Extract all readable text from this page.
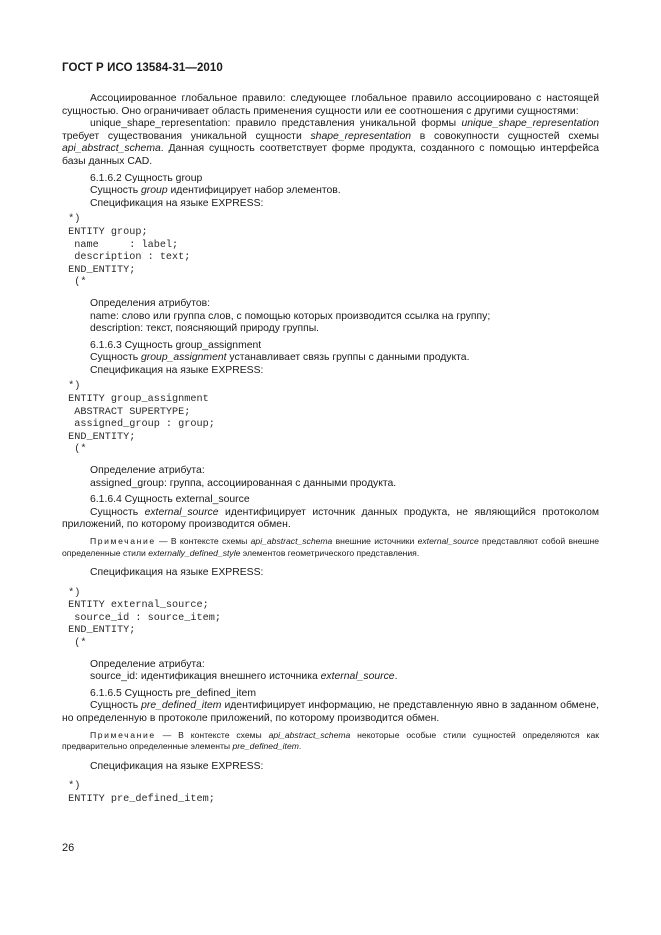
ГОСТ Р ИСО 13584-31—2010

Ассоциированное глобальное правило: следующее глобальное правило ассоциировано с настоящей сущностью. Оно ограничивает область применения сущности или ее соотношения с другими сущностями:

unique_shape_representation: правило представления уникальной формы unique_shape_representation требует существования уникальной сущности shape_representation в совокупности сущностей схемы api_abstract_schema. Данная сущность соответствует форме продукта, созданного с помощью интерфейса базы данных CAD.

6.1.6.2 Сущность group

Сущность group идентифицирует набор элементов.

Спецификация на языке EXPRESS:

*)
ENTITY group;
name     : label;
description : text;
END_ENTITY;
(*

Определения атрибутов:

name: слово или группа слов, с помощью которых производится ссылка на группу;

description: текст, поясняющий природу группы.

6.1.6.3 Сущность group_assignment

Сущность group_assignment устанавливает связь группы с данными продукта.

Спецификация на языке EXPRESS:

*)
ENTITY group_assignment
ABSTRACT SUPERTYPE;
assigned_group : group;
END_ENTITY;
(*

Определение атрибута:

assigned_group: группа, ассоциированная с данными продукта.

6.1.6.4 Сущность external_source

Сущность external_source идентифицирует источник данных продукта, не являющийся протоколом приложений, по которому производится обмен.

Примечание — В контексте схемы api_abstract_schema внешние источники external_source представляют собой внешне определенные стили externally_defined_style элементов геометрического представления.

Спецификация на языке EXPRESS:

*)
ENTITY external_source;
source_id : source_item;
END_ENTITY;
(*

Определение атрибута:

source_id: идентификация внешнего источника external_source.

6.1.6.5 Сущность pre_defined_item

Сущность pre_defined_item идентифицирует информацию, не представленную явно в заданном обмене, но определенную в протоколе приложений, по которому производится обмен.

Примечание — В контексте схемы api_abstract_schema некоторые особые стили сущностей определяются как предварительно определенные элементы pre_defined_item.

Спецификация на языке EXPRESS:

*)
ENTITY pre_defined_item;
26
